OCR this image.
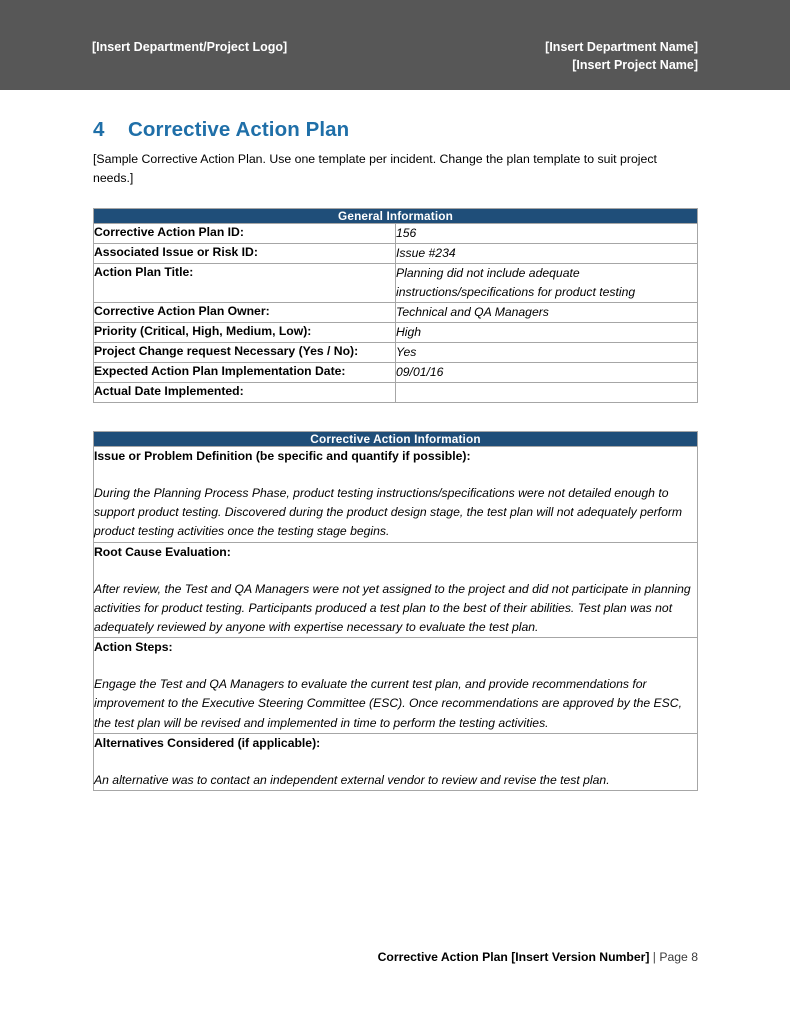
[Insert Department/Project Logo]	[Insert Department Name]
[Insert Project Name]
4	Corrective Action Plan

[Sample Corrective Action Plan. Use one template per incident. Change the plan template to suit project needs.]

General Information	
Corrective Action Plan ID:	156
Associated Issue or Risk ID:	Issue #234
Action Plan Title:	Planning did not include adequate instructions/specifications for product testing
Corrective Action Plan Owner:	Technical and QA Managers
Priority (Critical, High, Medium, Low):	High
Project Change request Necessary (Yes / No):	Yes
Expected Action Plan Implementation Date:	09/01/16
Actual Date Implemented:	
Corrective Action Information

Issue or Problem Definition (be specific and quantify if possible):
During the Planning Process Phase, product testing instructions/specifications were not detailed enough to support product testing. Discovered during the product design stage, the test plan will not adequately perform product testing activities once the testing stage begins.

Root Cause Evaluation:
After review, the Test and QA Managers were not yet assigned to the project and did not participate in planning activities for product testing. Participants produced a test plan to the best of their abilities. Test plan was not adequately reviewed by anyone with expertise necessary to evaluate the test plan.

Action Steps:
Engage the Test and QA Managers to evaluate the current test plan, and provide recommendations for improvement to the Executive Steering Committee (ESC). Once recommendations are approved by the ESC, the test plan will be revised and implemented in time to perform the testing activities.

Alternatives Considered (if applicable):
An alternative was to contact an independent external vendor to review and revise the test plan.
Corrective Action Plan [Insert Version Number] | Page 8
